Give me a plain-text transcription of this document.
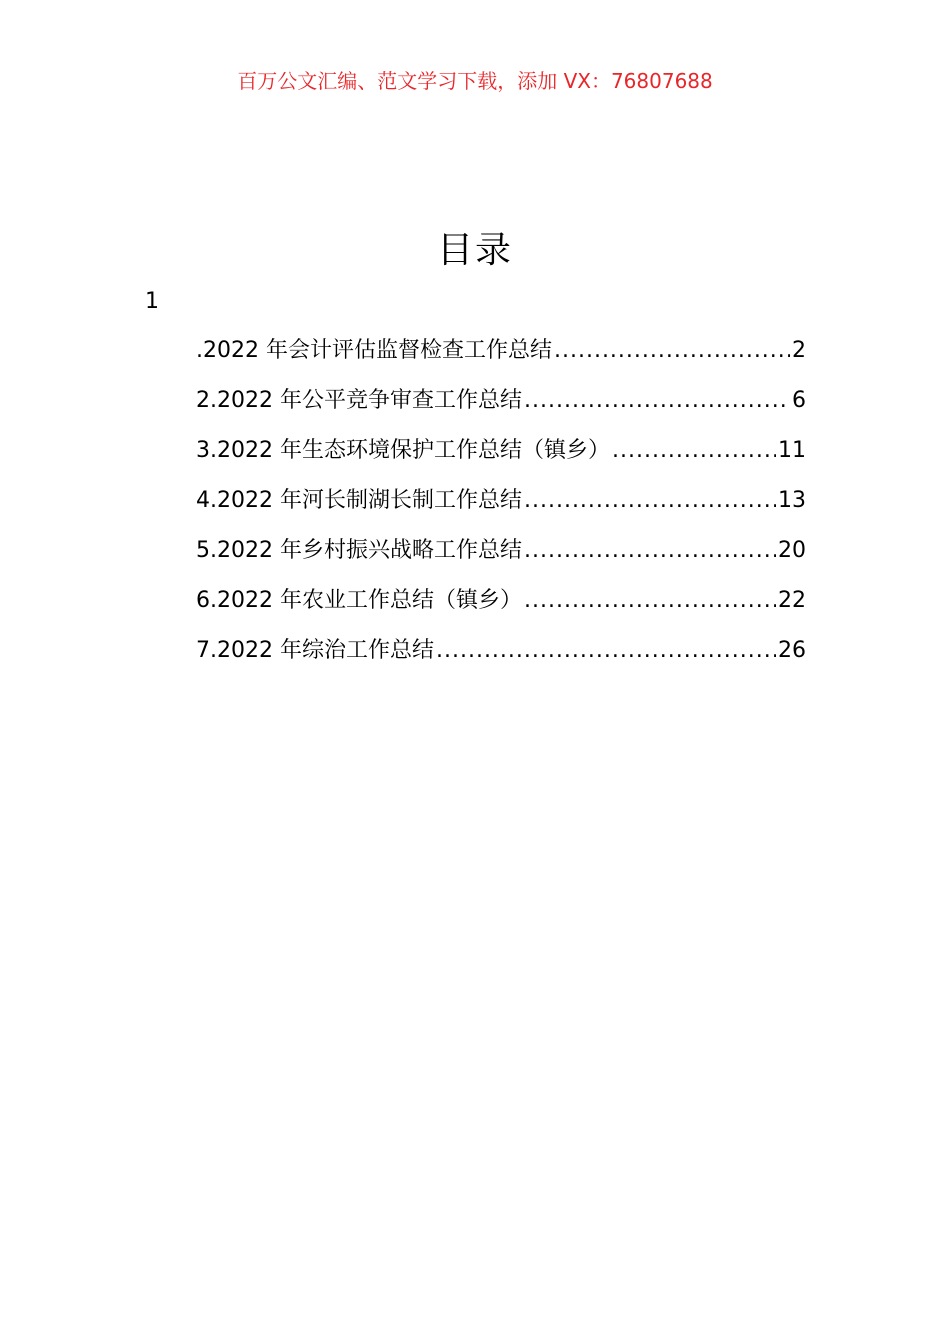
百万公文汇编、范文学习下载，添加 VX：76807688
目录
1
.2022 年会计评估监督检查工作总结 .....	2
2.2022 年公平竞争审查工作总结 .....	6
3.2022 年生态环境保护工作总结（镇乡） .....	11
4.2022 年河长制湖长制工作总结 .....	13
5.2022 年乡村振兴战略工作总结 .....	20
6.2022 年农业工作总结（镇乡） .....	22
7.2022 年综治工作总结 .....	26
